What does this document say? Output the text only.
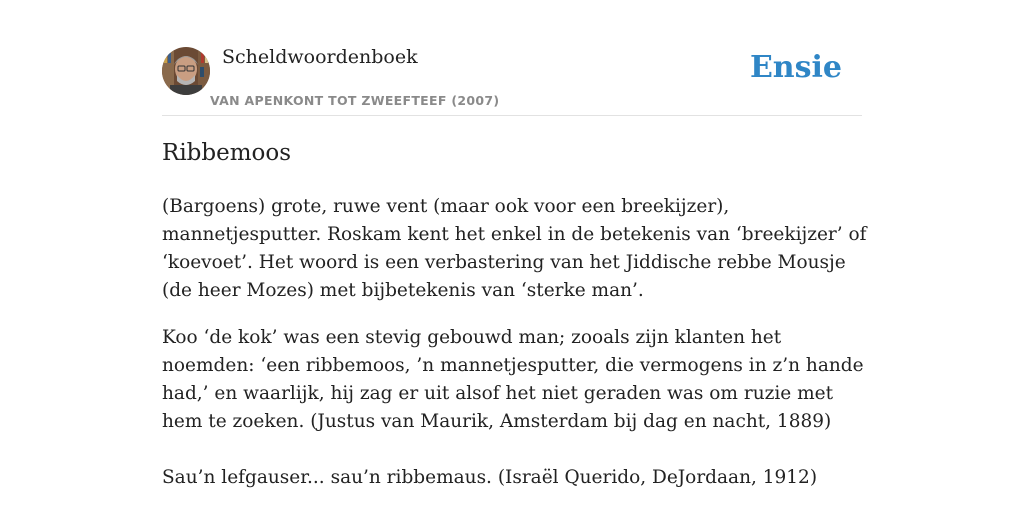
Scheldwoordenboek
VAN APENKONT TOT ZWEEFTEEF (2007)
Ensie
Ribbemoos

(Bargoens) grote, ruwe vent (maar ook voor een breekijzer), mannetjesputter. Roskam kent het enkel in de betekenis van ‘breekijzer’ of ‘koevoet’. Het woord is een verbastering van het Jiddische rebbe Mousje (de heer Mozes) met bijbetekenis van ‘sterke man’.

Koo ‘de kok’ was een stevig gebouwd man; zooals zijn klanten het noemden: ‘een ribbemoos, ’n mannetjesputter, die vermogens in z’n hande had,’ en waarlijk, hij zag er uit alsof het niet geraden was om ruzie met hem te zoeken. (Justus van Maurik, Amsterdam bij dag en nacht, 1889)

Sau’n lefgauser... sau’n ribbemaus. (Israël Querido, DeJordaan, 1912)
